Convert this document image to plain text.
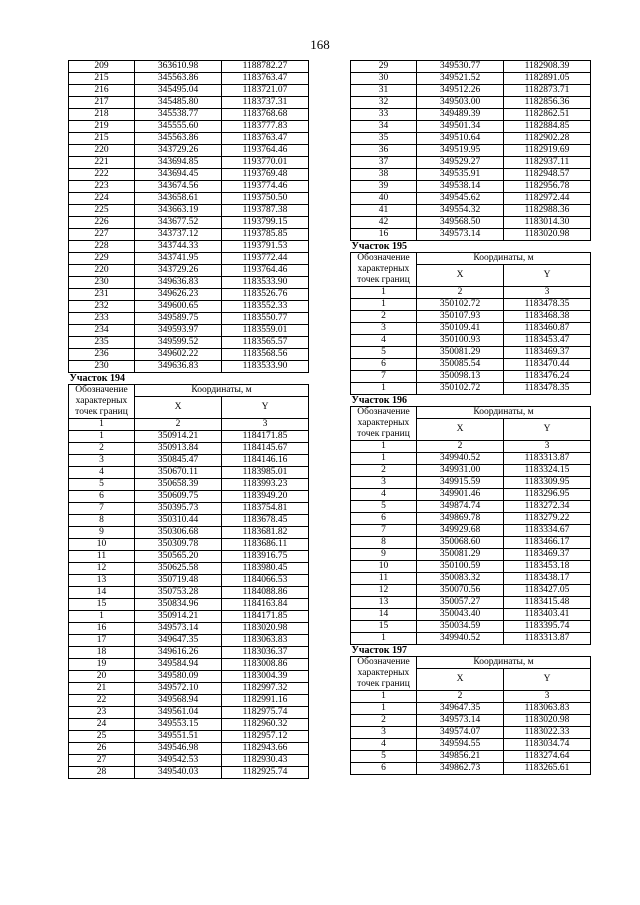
168
209	363610.98	1188782.27
215	345563.86	1183763.47
216	345495.04	1183721.07
217	345485.80	1183737.31
218	345538.77	1183768.68
219	345555.60	1183777.83
215	345563.86	1183763.47
220	343729.26	1193764.46
221	343694.85	1193770.01
222	343694.45	1193769.48
223	343674.56	1193774.46
224	343658.61	1193750.50
225	343663.19	1193787.38
226	343677.52	1193799.15
227	343737.12	1193785.85
228	343744.33	1193791.53
229	343741.95	1193772.44
220	343729.26	1193764.46
230	349636.83	1183533.90
231	349626.23	1183526.76
232	349600.65	1183552.33
233	349589.75	1183550.77
234	349593.97	1183559.01
235	349599.52	1183565.57
236	349602.22	1183568.56
230	349636.83	1183533.90
Участок 194		
Обозначение характерных точек границ	Координаты, м	
	X	Y
1	2	3
1	350914.21	1184171.85
2	350913.84	1184145.67
3	350845.47	1184146.16
4	350670.11	1183985.01
5	350658.39	1183993.23
6	350609.75	1183949.20
7	350395.73	1183754.81
8	350310.44	1183678.45
9	350306.68	1183681.82
10	350309.78	1183686.11
11	350565.20	1183916.75
12	350625.58	1183980.45
13	350719.48	1184066.53
14	350753.28	1184088.86
15	350834.96	1184163.84
1	350914.21	1184171.85
16	349573.14	1183020.98
17	349647.35	1183063.83
18	349616.26	1183036.37
19	349584.94	1183008.86
20	349580.09	1183004.39
21	349572.10	1182997.32
22	349568.94	1182991.16
23	349561.04	1182975.74
24	349553.15	1182960.32
25	349551.51	1182957.12
26	349546.98	1182943.66
27	349542.53	1182930.43
28	349540.03	1182925.74
29	349530.77	1182908.39
30	349521.52	1182891.05
31	349512.26	1182873.71
32	349503.00	1182856.36
33	349489.39	1182862.51
34	349501.34	1182884.85
35	349510.64	1182902.28
36	349519.95	1182919.69
37	349529.27	1182937.11
38	349535.91	1182948.57
39	349538.14	1182956.78
40	349545.62	1182972.44
41	349554.32	1182988.36
42	349568.50	1183014.30
16	349573.14	1183020.98
Участок 195		
Обозначение характерных точек границ	Координаты, м	
	X	Y
1	2	3
1	350102.72	1183478.35
2	350107.93	1183468.38
3	350109.41	1183460.87
4	350100.93	1183453.47
5	350081.29	1183469.37
6	350085.54	1183470.44
7	350098.13	1183476.24
1	350102.72	1183478.35
Участок 196		
Обозначение характерных точек границ	Координаты, м	
	X	Y
1	2	3
1	349940.52	1183313.87
2	349931.00	1183324.15
3	349915.59	1183309.95
4	349901.46	1183296.95
5	349874.74	1183272.34
6	349869.78	1183279.22
7	349929.68	1183334.67
8	350068.60	1183466.17
9	350081.29	1183469.37
10	350100.59	1183453.18
11	350083.32	1183438.17
12	350070.56	1183427.05
13	350057.27	1183415.48
14	350043.40	1183403.41
15	350034.59	1183395.74
1	349940.52	1183313.87
Участок 197		
Обозначение характерных точек границ	Координаты, м	
	X	Y
1	2	3
1	349647.35	1183063.83
2	349573.14	1183020.98
3	349574.07	1183022.33
4	349594.55	1183034.74
5	349856.21	1183274.64
6	349862.73	1183265.61
